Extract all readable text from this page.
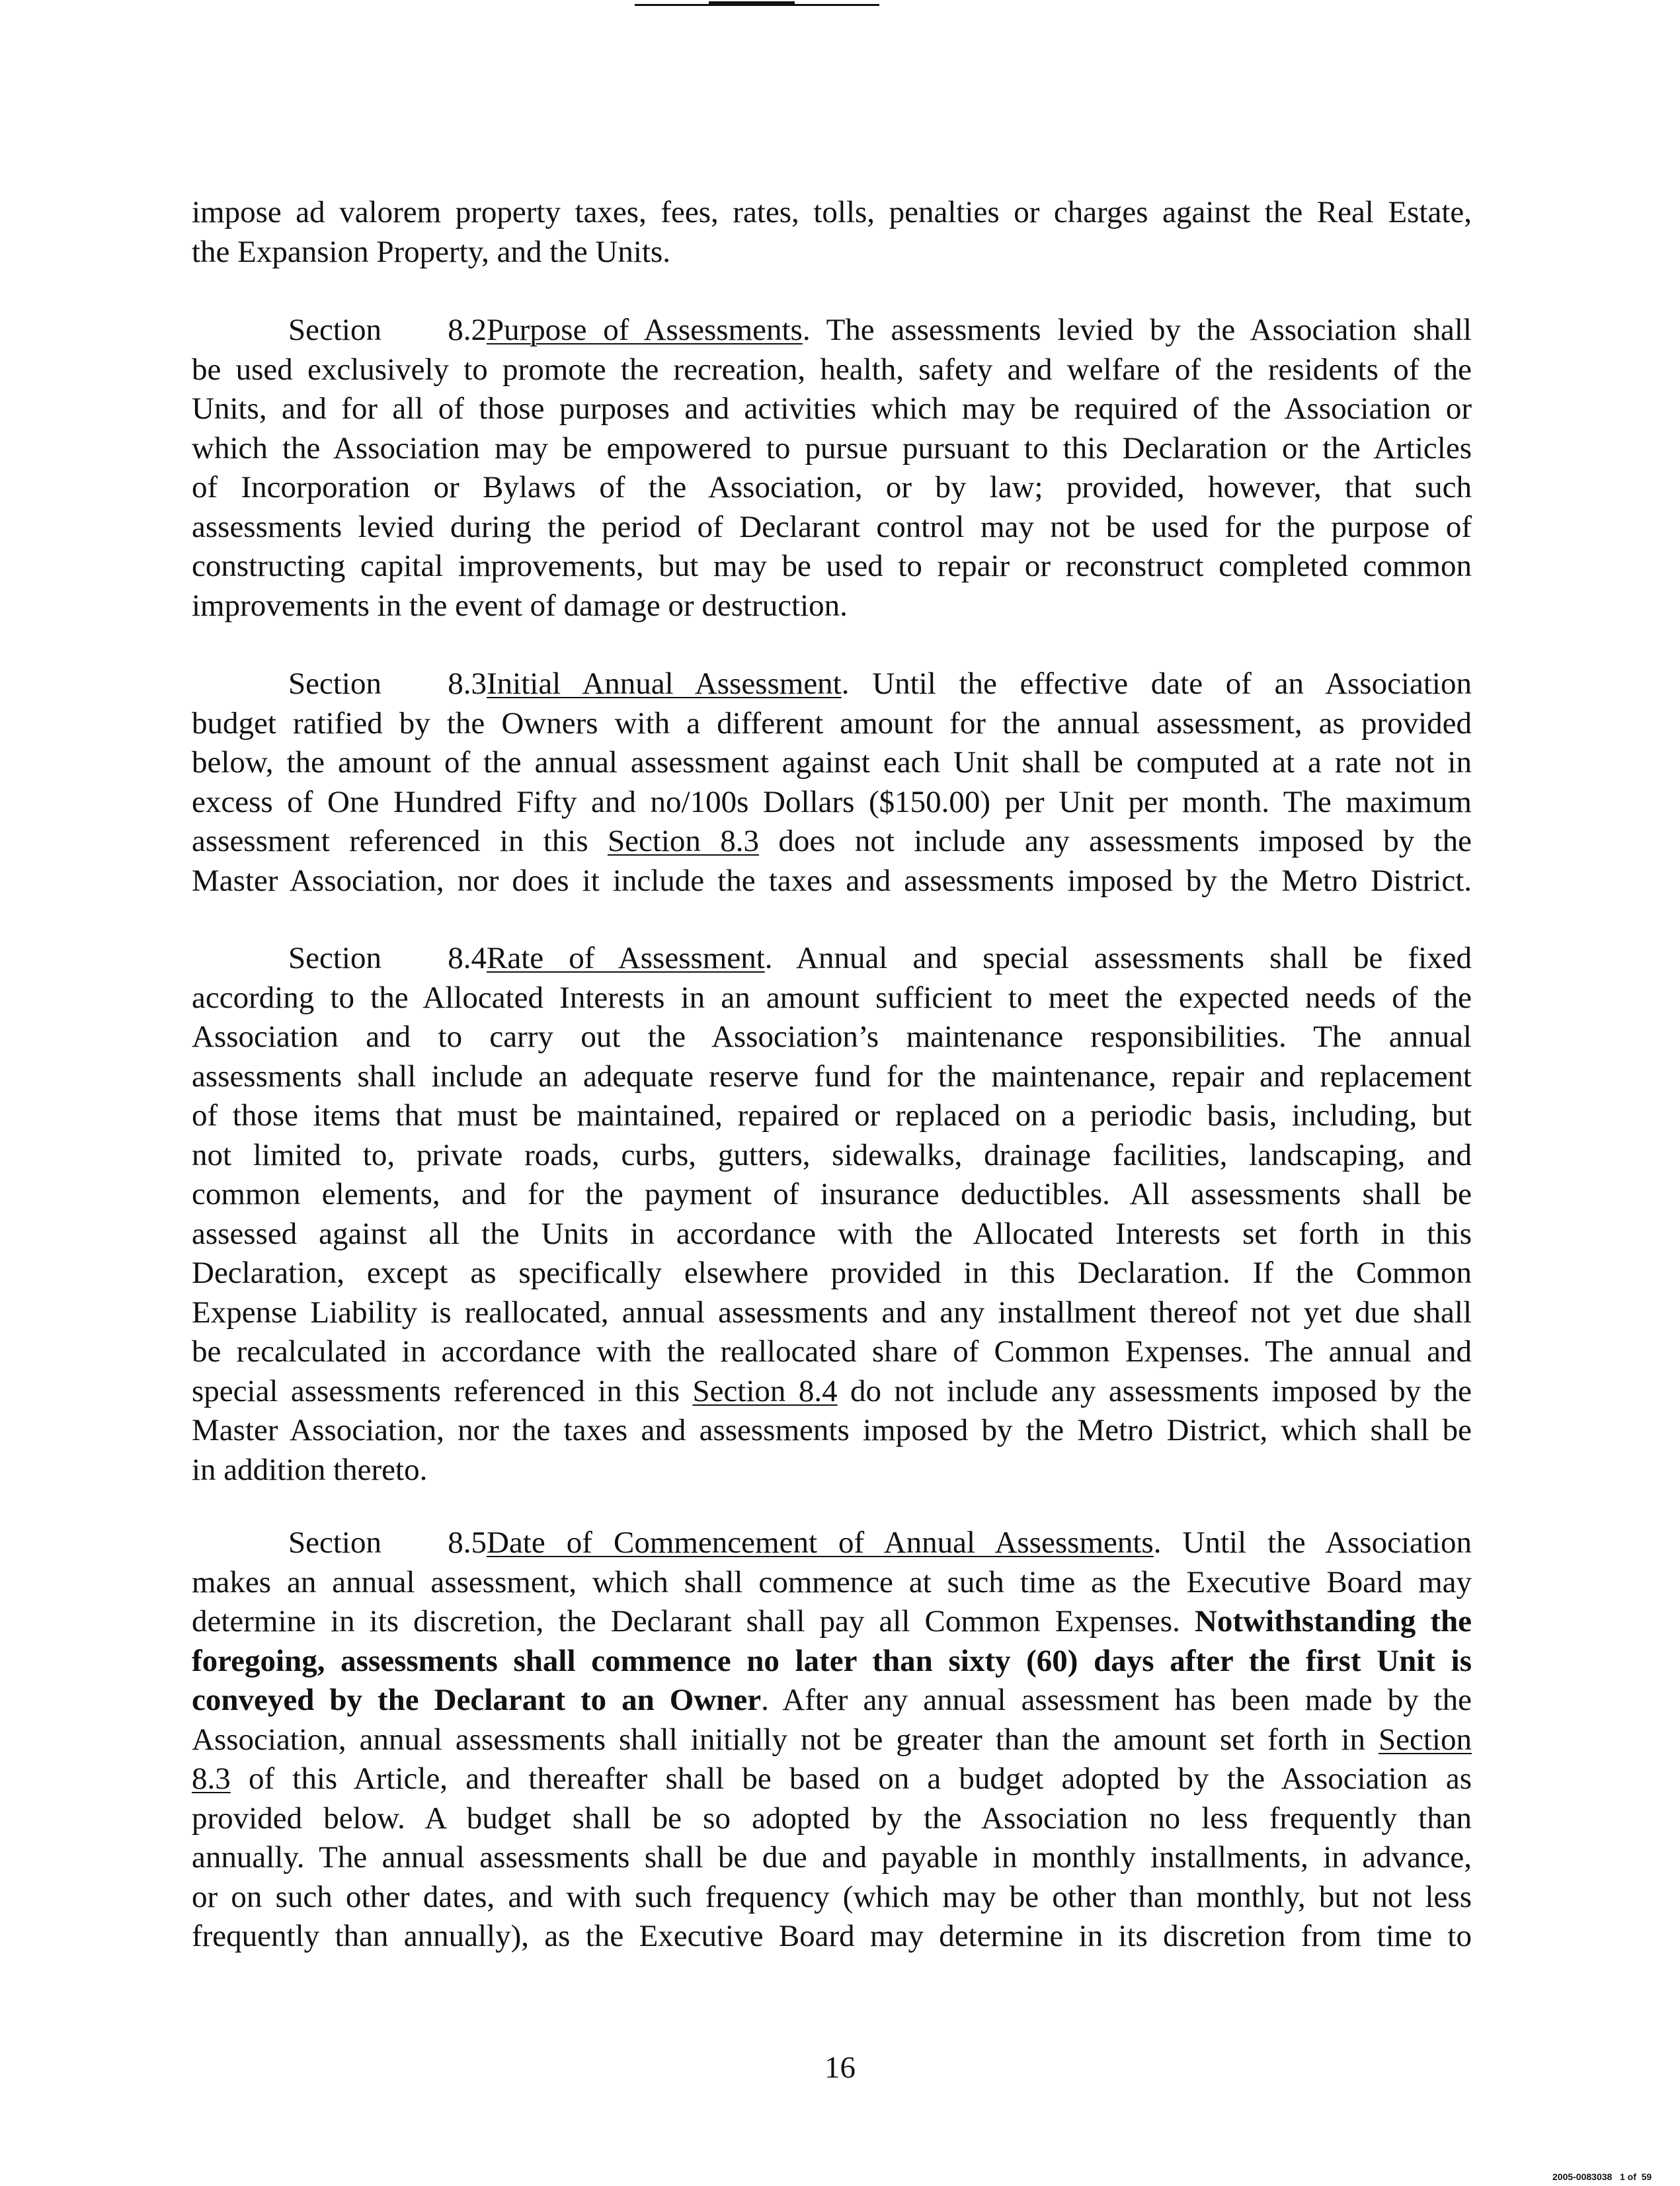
impose ad valorem property taxes, fees, rates, tolls, penalties or charges against the Real Estate,
the Expansion Property, and the Units.
Section 8.2Purpose of Assessments. The assessments levied by the Association shall
be used exclusively to promote the recreation, health, safety and welfare of the residents of the
Units, and for all of those purposes and activities which may be required of the Association or
which the Association may be empowered to pursue pursuant to this Declaration or the Articles
of Incorporation or Bylaws of the Association, or by law; provided, however, that such
assessments levied during the period of Declarant control may not be used for the purpose of
constructing capital improvements, but may be used to repair or reconstruct completed common
improvements in the event of damage or destruction.
Section 8.3Initial Annual Assessment. Until the effective date of an Association
budget ratified by the Owners with a different amount for the annual assessment, as provided
below, the amount of the annual assessment against each Unit shall be computed at a rate not in
excess of One Hundred Fifty and no/100s Dollars ($150.00) per Unit per month. The maximum
assessment referenced in this Section 8.3 does not include any assessments imposed by the
Master Association, nor does it include the taxes and assessments imposed by the Metro District.
Section 8.4Rate of Assessment. Annual and special assessments shall be fixed
according to the Allocated Interests in an amount sufficient to meet the expected needs of the
Association and to carry out the Association’s maintenance responsibilities. The annual
assessments shall include an adequate reserve fund for the maintenance, repair and replacement
of those items that must be maintained, repaired or replaced on a periodic basis, including, but
not limited to, private roads, curbs, gutters, sidewalks, drainage facilities, landscaping, and
common elements, and for the payment of insurance deductibles. All assessments shall be
assessed against all the Units in accordance with the Allocated Interests set forth in this
Declaration, except as specifically elsewhere provided in this Declaration. If the Common
Expense Liability is reallocated, annual assessments and any installment thereof not yet due shall
be recalculated in accordance with the reallocated share of Common Expenses. The annual and
special assessments referenced in this Section 8.4 do not include any assessments imposed by the
Master Association, nor the taxes and assessments imposed by the Metro District, which shall be
in addition thereto.
Section 8.5Date of Commencement of Annual Assessments. Until the Association
makes an annual assessment, which shall commence at such time as the Executive Board may
determine in its discretion, the Declarant shall pay all Common Expenses. Notwithstanding the
foregoing, assessments shall commence no later than sixty (60) days after the first Unit is
conveyed by the Declarant to an Owner. After any annual assessment has been made by the
Association, annual assessments shall initially not be greater than the amount set forth in Section
8.3 of this Article, and thereafter shall be based on a budget adopted by the Association as
provided below. A budget shall be so adopted by the Association no less frequently than
annually. The annual assessments shall be due and payable in monthly installments, in advance,
or on such other dates, and with such frequency (which may be other than monthly, but not less
frequently than annually), as the Executive Board may determine in its discretion from time to
16
2005-0083038   1 of  59
